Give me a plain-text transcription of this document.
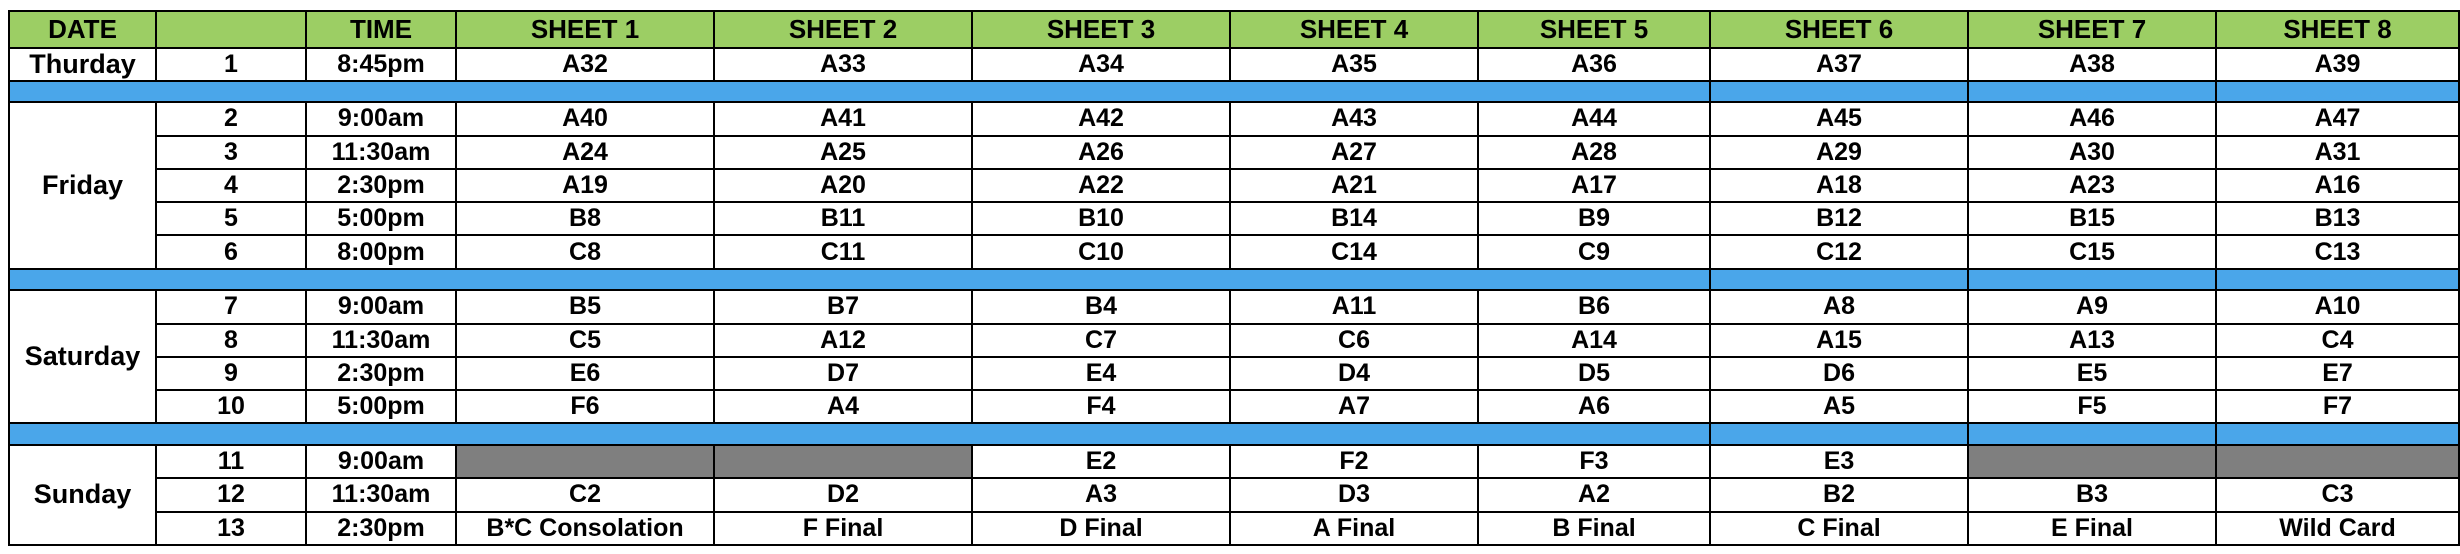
DATE		TIME	SHEET 1	SHEET 2	SHEET 3	SHEET 4	SHEET 5	SHEET 6	SHEET 7	SHEET 8
Thurday	1	8:45pm	A32	A33	A34	A35	A36	A37	A38	A39

Friday	2	9:00am	A40	A41	A42	A43	A44	A45	A46	A47
	3	11:30am	A24	A25	A26	A27	A28	A29	A30	A31
	4	2:30pm	A19	A20	A22	A21	A17	A18	A23	A16
	5	5:00pm	B8	B11	B10	B14	B9	B12	B15	B13
	6	8:00pm	C8	C11	C10	C14	C9	C12	C15	C13

Saturday	7	9:00am	B5	B7	B4	A11	B6	A8	A9	A10
	8	11:30am	C5	A12	C7	C6	A14	A15	A13	C4
	9	2:30pm	E6	D7	E4	D4	D5	D6	E5	E7
	10	5:00pm	F6	A4	F4	A7	A6	A5	F5	F7

Sunday	11	9:00am			E2	F2	F3	E3		
	12	11:30am	C2	D2	A3	D3	A2	B2	B3	C3
	13	2:30pm	B*C Consolation	F Final	D Final	A Final	B Final	C Final	E Final	Wild Card
